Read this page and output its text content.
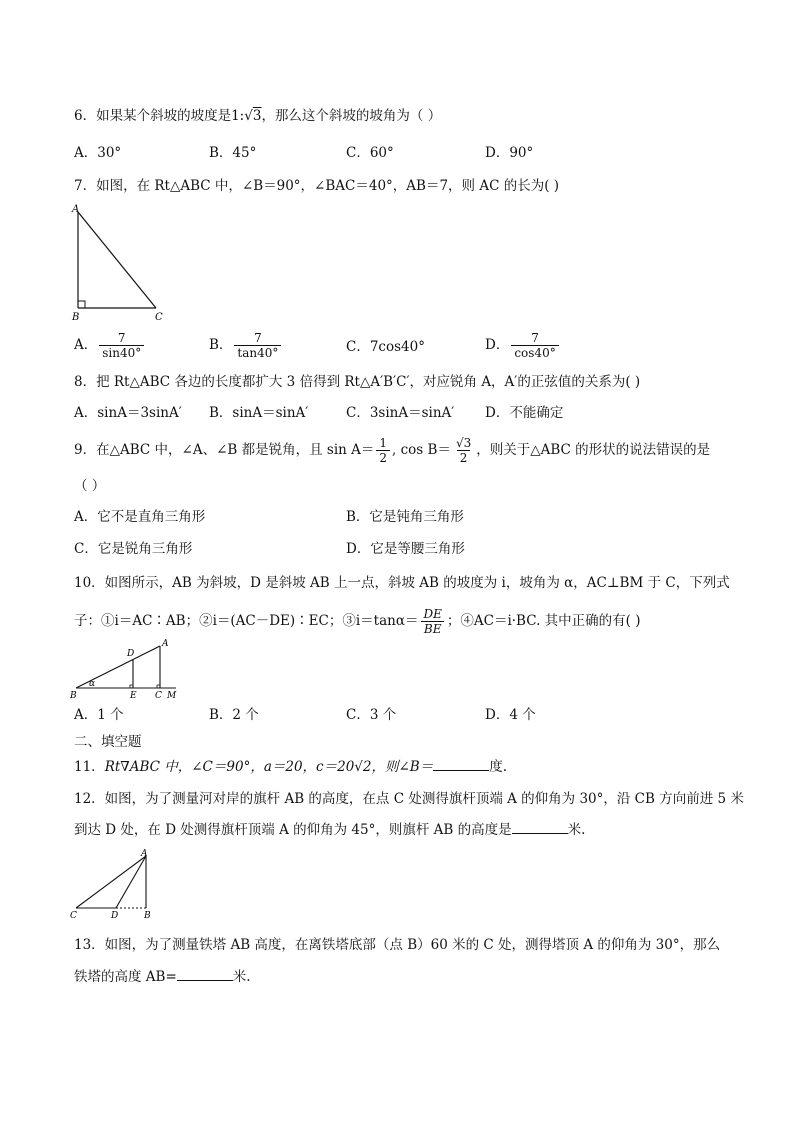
6．如果某个斜坡的坡度是1:√3，那么这个斜坡的坡角为（ ）
A．30°	B．45°	C．60°	D．90°
7．如图，在 Rt△ABC 中，∠B＝90°，∠BAC＝40°，AB＝7，则 AC 的长为( )
A
B	C
A． $\frac{7}{\sin 40^\circ}$	B． $\frac{7}{\tan 40^\circ}$	C．7cos40°	D． $\frac{7}{\cos 40^\circ}$
8．把 Rt△ABC 各边的长度都扩大 3 倍得到 Rt△A′B′C′，对应锐角 A，A′的正弦值的关系为( )
A．sinA＝3sinA′ B．sinA＝sinA′	C．3sinA＝sinA′ D．不能确定
9．在△ABC 中，∠A、∠B 都是锐角，且 $\sin A= \frac{1}{2}$ , $\cos B= \frac{√3}{2}$ ，则关于△ABC 的形状的说法错误的是
（ ）
A．它不是直角三角形	B．它是钝角三角形
C．它是锐角三角形	D．它是等腰三角形
10．如图所示，AB 为斜坡，D 是斜坡 AB 上一点，斜坡 AB 的坡度为 i，坡角为 α，AC⊥BM 于 C，下列式
子：①i＝AC∶AB；②i＝(AC－DE)∶EC；③i＝tanα＝ $\frac{DE}{BE}$ ；④AC＝i·BC. 其中正确的有( )
A
D
B
α
E C M
A．1 个	B．2 个	C．3 个	D．4 个
二、填空题
11．Rt∇ABC 中，∠C＝90°，a＝20，c＝20√2，则∠B＝	度.
12．如图，为了测量河对岸的旗杆 AB 的高度，在点 C 处测得旗杆顶端 A 的仰角为 30°，沿 CB 方向前进 5 米
到达 D 处，在 D 处测得旗杆顶端 A 的仰角为 45°，则旗杆 AB 的高度是	米.
A
C	D	B
13．如图，为了测量铁塔 AB 高度，在离铁塔底部（点 B）60 米的 C 处，测得塔顶 A 的仰角为 30°，那么
铁塔的高度 AB=	米.
